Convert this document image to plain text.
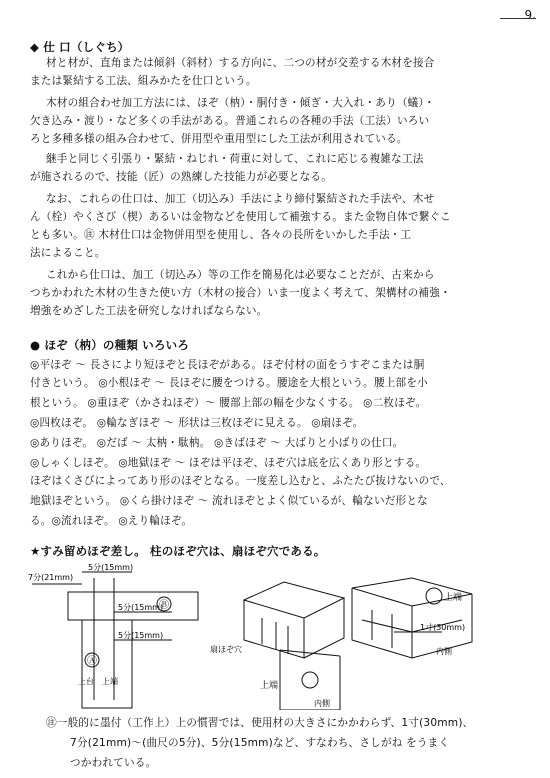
9.
◆ 仕 口（しぐち）
材と材が、直角または傾斜（斜材）する方向に、二つの材が交差する木材を接合
または緊結する工法、組みかたを仕口という。
木材の組合わせ加工方法には、ほぞ（枘）・胴付き・傾ぎ・大入れ・あり（蟻）・
欠き込み・渡り・など多くの手法がある。普通これらの各種の手法（工法）いろい
ろと多種多様の組み合わせて、併用型や重用型にした工法が利用されている。
継手と同じく引張り・緊結・ねじれ・荷重に対して、これに応じる複雑な工法
が施されるので、技能（匠）の熟練した技能力が必要となる。
なお、これらの仕口は、加工（切込み）手法により締付緊結された手法や、木せ
ん（栓）やくさび（楔）あるいは金物などを使用して補強する。また金物自体で繋ぐこ
とも多い。㊟ 木材仕口は金物併用型を使用し、各々の長所をいかした手法・工
法によること。
これから仕口は、加工（切込み）等の工作を簡易化は必要なことだが、古来から
つちかわれた木材の生きた使い方（木材の接合）いま一度よく考えて、架構材の補強・
増強をめざした工法を研究しなければならない。
● ほぞ（枘）の種類 いろいろ
◎平ほぞ ～ 長さにより短ほぞと長ほぞがある。ほぞ付材の面をうすぞこまたは胴
付きという。 ◎小根ほぞ ～ 長ほぞに腰をつける。腰途を大根という。腰上部を小
根という。 ◎重ほぞ（かさねほぞ）～ 腰部上部の幅を少なくする。 ◎二枚ほぞ。
◎四枚ほぞ。 ◎輪なぎほぞ ～ 形状は三枚ほぞに見える。 ◎扇ほぞ。
◎ありほぞ。 ◎だば ～ 太枘・駄枘。 ◎きばほぞ ～ 大ばりと小ばりの仕口。
◎しゃくしほぞ。 ◎地獄ほぞ ～ ほぞは平ほぞ、ほぞ穴は底を広くあり形とする。
ほぞはくさびによってあり形のほぞとなる。一度差し込むと、ふたたび抜けないので、
地獄ほぞという。 ◎くら掛けほぞ ～ 流れほぞとよく似ているが、輪ないだ形とな
る。◎流れほぞ。 ◎えり輪ほぞ。
★すみ留めほぞ差し。 柱のほぞ穴は、扇ほぞ穴である。
7分(21mm)
5分(15mm)
5分(15mm)
5分(15mm)
Ⓑ
Ⓐ
上台 上端
扇ほぞ穴
上端
内側
上端
1寸(30mm)
内側
㊟一般的に墨付（工作上）上の慣習では、使用材の大きさにかかわらず、1寸(30mm)、
7分(21mm)～(曲尺の5分)、5分(15mm)など、すなわち、さしがね をうまく
つかわれている。
